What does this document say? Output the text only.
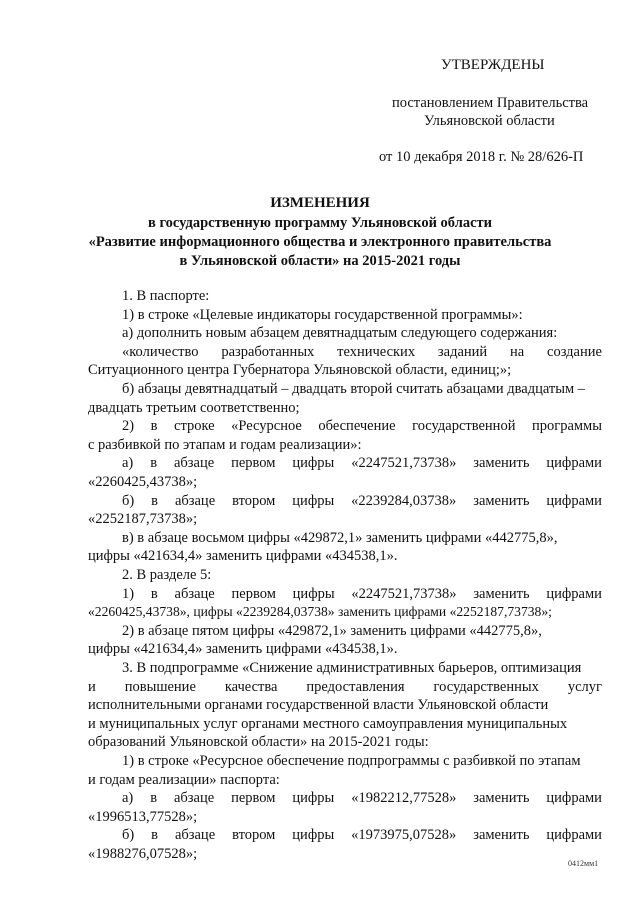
УТВЕРЖДЕНЫ
постановлением Правительства
Ульяновской области
от 10 декабря 2018 г. № 28/626-П
ИЗМЕНЕНИЯ
в государственную программу Ульяновской области
«Развитие информационного общества и электронного правительства
в Ульяновской области» на 2015-2021 годы
1. В паспорте:
1) в строке «Целевые индикаторы государственной программы»:
а) дополнить новым абзацем девятнадцатым следующего содержания:
«количество разработанных технических заданий на создание
Ситуационного центра Губернатора Ульяновской области, единиц;»;
б) абзацы девятнадцатый – двадцать второй считать абзацами двадцатым –
двадцать третьим соответственно;
2) в строке «Ресурсное обеспечение государственной программы
с разбивкой по этапам и годам реализации»:
а) в абзаце первом цифры «2247521,73738» заменить цифрами
«2260425,43738»;
б) в абзаце втором цифры «2239284,03738» заменить цифрами
«2252187,73738»;
в) в абзаце восьмом цифры «429872,1» заменить цифрами «442775,8»,
цифры «421634,4» заменить цифрами «434538,1».
2. В разделе 5:
1) в абзаце первом цифры «2247521,73738» заменить цифрами
«2260425,43738», цифры «2239284,03738» заменить цифрами «2252187,73738»;
2) в абзаце пятом цифры «429872,1» заменить цифрами «442775,8»,
цифры «421634,4» заменить цифрами «434538,1».
3. В подпрограмме «Снижение административных барьеров, оптимизация
и повышение качества предоставления государственных услуг
исполнительными органами государственной власти Ульяновской области
и муниципальных услуг органами местного самоуправления муниципальных
образований Ульяновской области» на 2015-2021 годы:
1) в строке «Ресурсное обеспечение подпрограммы с разбивкой по этапам
и годам реализации» паспорта:
а) в абзаце первом цифры «1982212,77528» заменить цифрами
«1996513,77528»;
б) в абзаце втором цифры «1973975,07528» заменить цифрами
«1988276,07528»;
0412мм1
